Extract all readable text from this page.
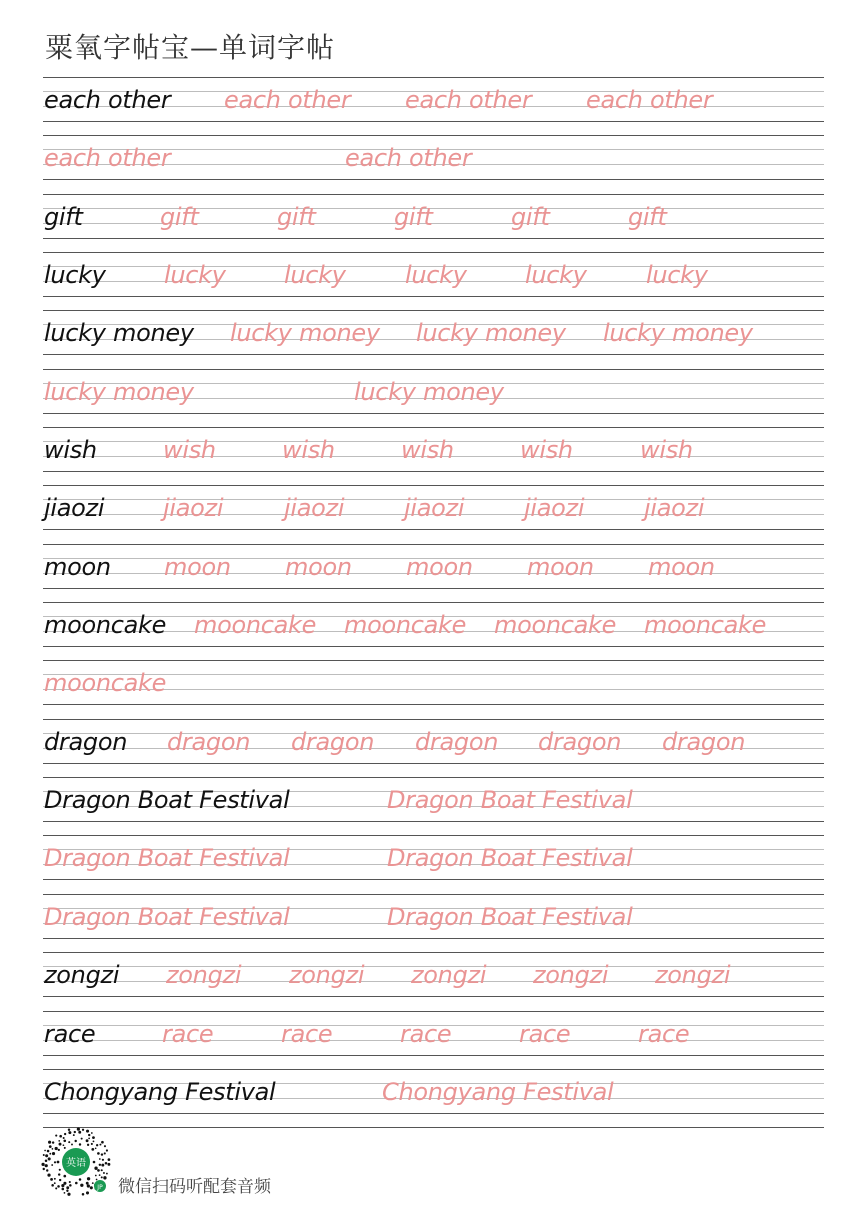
粟氧字帖宝—单词字帖
each other each other each other each other
each other	each other
gift	gift	gift	gift	gift	gift
lucky lucky lucky lucky lucky lucky
lucky money lucky money lucky money lucky money
lucky money	lucky money
wish	wish	wish	wish	wish	wish
jiaozi jiaozi	jiaozi jiaozi jiaozi jiaozi
moon moon moon moon moon moon
mooncake mooncake mooncake mooncake mooncake
mooncake
dragon dragon dragon dragon dragon dragon
Dragon Boat Festival	Dragon Boat Festival
Dragon Boat Festival	Dragon Boat Festival
Dragon Boat Festival	Dragon Boat Festival
zongzi zongzi zongzi zongzi zongzi zongzi
race	race	race	race	race	race
Chongyang Festival	Chongyang Festival
英语
JP 微信扫码听配套音频
